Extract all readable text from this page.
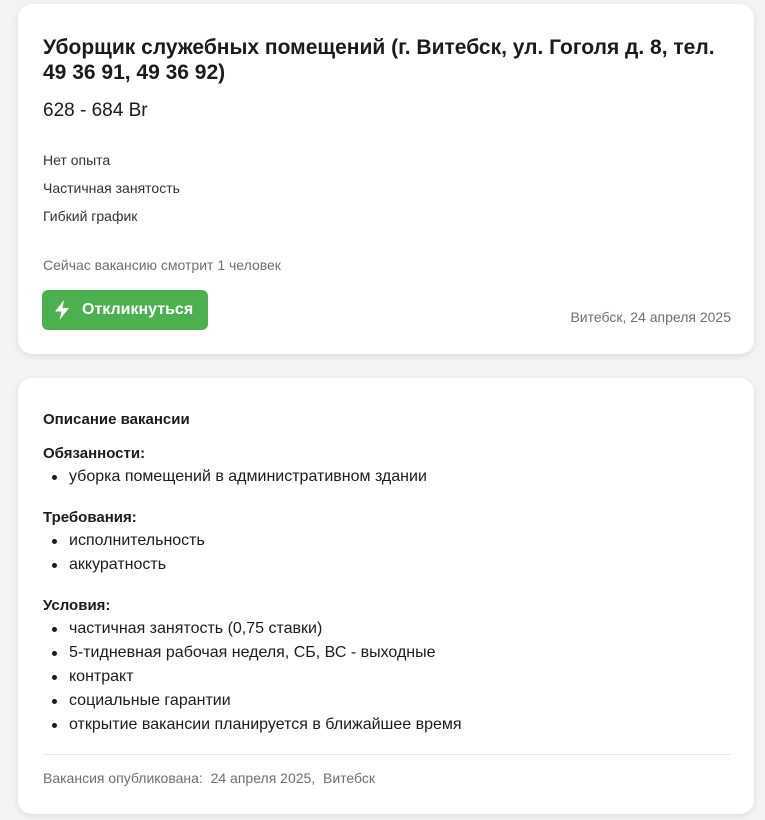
Уборщик служебных помещений (г. Витебск, ул. Гоголя д. 8, тел. 49 36 91, 49 36 92)
628 - 684 Br
Нет опыта
Частичная занятость
Гибкий график
Сейчас вакансию смотрит 1 человек
Откликнуться	Витебск, 24 апреля 2025
Описание вакансии
Обязанности:
уборка помещений в административном здании
Требования:
исполнительность
аккуратность
Условия:
частичная занятость (0,75 ставки)
5-тидневная рабочая неделя, СБ, ВС - выходные
контракт
социальные гарантии
открытие вакансии планируется в ближайшее время
Вакансия опубликована: 24 апреля 2025, Витебск
